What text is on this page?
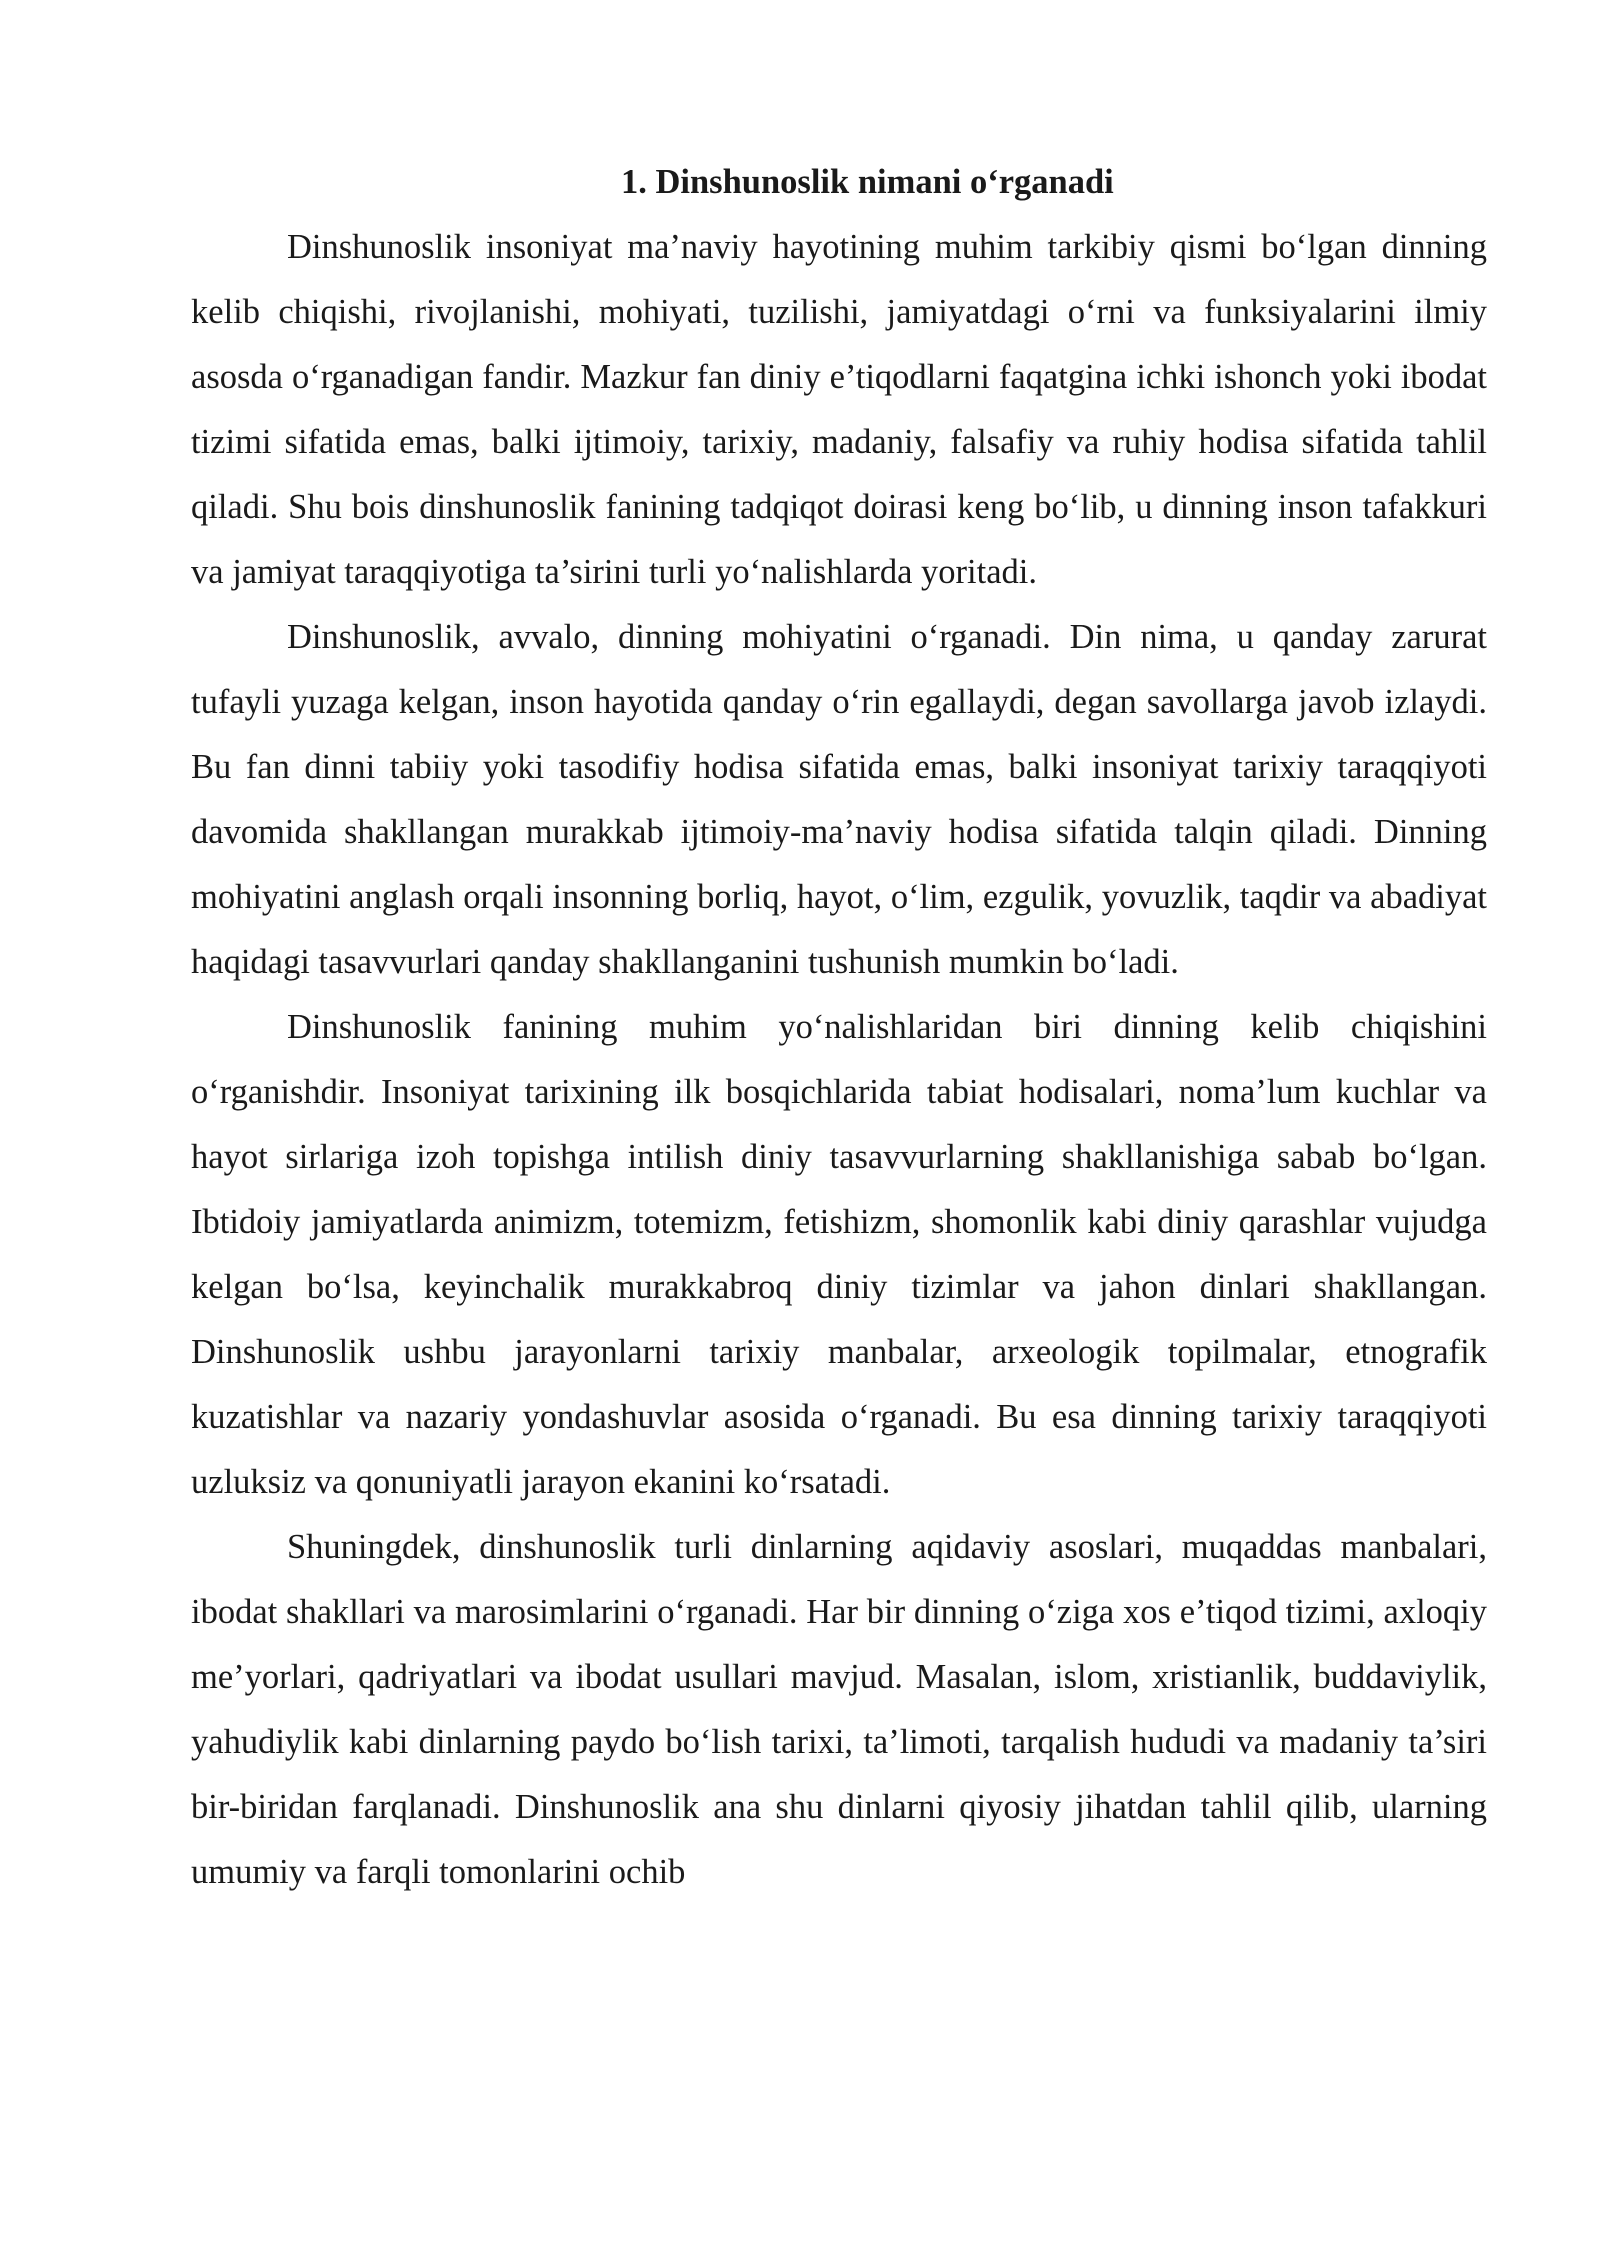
1. Dinshunoslik nimani o‘rganadi

Dinshunoslik insoniyat ma’naviy hayotining muhim tarkibiy qismi bo‘lgan dinning kelib chiqishi, rivojlanishi, mohiyati, tuzilishi, jamiyatdagi o‘rni va funksiyalarini ilmiy asosda o‘rganadigan fandir. Mazkur fan diniy e’tiqodlarni faqatgina ichki ishonch yoki ibodat tizimi sifatida emas, balki ijtimoiy, tarixiy, madaniy, falsafiy va ruhiy hodisa sifatida tahlil qiladi. Shu bois dinshunoslik fanining tadqiqot doirasi keng bo‘lib, u dinning inson tafakkuri va jamiyat taraqqiyotiga ta’sirini turli yo‘nalishlarda yoritadi.

Dinshunoslik, avvalo, dinning mohiyatini o‘rganadi. Din nima, u qanday zarurat tufayli yuzaga kelgan, inson hayotida qanday o‘rin egallaydi, degan savollarga javob izlaydi. Bu fan dinni tabiiy yoki tasodifiy hodisa sifatida emas, balki insoniyat tarixiy taraqqiyoti davomida shakllangan murakkab ijtimoiy-ma’naviy hodisa sifatida talqin qiladi. Dinning mohiyatini anglash orqali insonning borliq, hayot, o‘lim, ezgulik, yovuzlik, taqdir va abadiyat haqidagi tasavvurlari qanday shakllanganini tushunish mumkin bo‘ladi.

Dinshunoslik fanining muhim yo‘nalishlaridan biri dinning kelib chiqishini o‘rganishdir. Insoniyat tarixining ilk bosqichlarida tabiat hodisalari, noma’lum kuchlar va hayot sirlariga izoh topishga intilish diniy tasavvurlarning shakllanishiga sabab bo‘lgan. Ibtidoiy jamiyatlarda animizm, totemizm, fetishizm, shomonlik kabi diniy qarashlar vujudga kelgan bo‘lsa, keyinchalik murakkabroq diniy tizimlar va jahon dinlari shakllangan. Dinshunoslik ushbu jarayonlarni tarixiy manbalar, arxeologik topilmalar, etnografik kuzatishlar va nazariy yondashuvlar asosida o‘rganadi. Bu esa dinning tarixiy taraqqiyoti uzluksiz va qonuniyatli jarayon ekanini ko‘rsatadi.

Shuningdek, dinshunoslik turli dinlarning aqidaviy asoslari, muqaddas manbalari, ibodat shakllari va marosimlarini o‘rganadi. Har bir dinning o‘ziga xos e’tiqod tizimi, axloqiy me’yorlari, qadriyatlari va ibodat usullari mavjud. Masalan, islom, xristianlik, buddaviylik, yahudiylik kabi dinlarning paydo bo‘lish tarixi, ta’limoti, tarqalish hududi va madaniy ta’siri bir-biridan farqlanadi. Dinshunoslik ana shu dinlarni qiyosiy jihatdan tahlil qilib, ularning umumiy va farqli tomonlarini ochib
